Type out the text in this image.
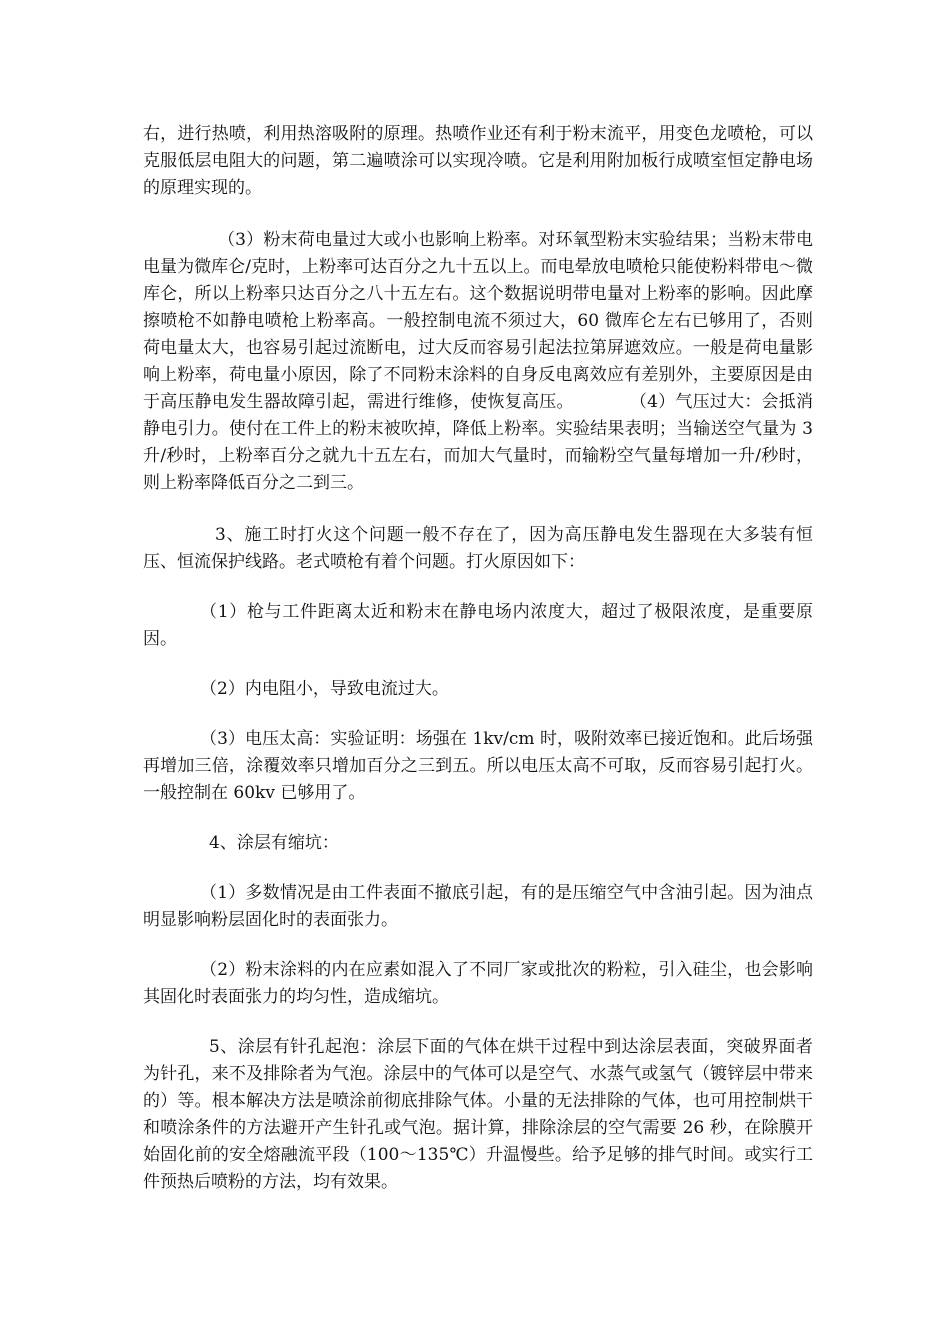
右，进行热喷，利用热溶吸附的原理。热喷作业还有利于粉末流平，用变色龙喷枪，可以克服低层电阻大的问题，第二遍喷涂可以实现冷喷。它是利用附加板行成喷室恒定静电场的原理实现的。

（3）粉末荷电量过大或小也影响上粉率。对环氧型粉末实验结果；当粉末带电电量为微库仑/克时，上粉率可达百分之九十五以上。而电晕放电喷枪只能使粉料带电～微库仑，所以上粉率只达百分之八十五左右。这个数据说明带电量对上粉率的影响。因此摩擦喷枪不如静电喷枪上粉率高。一般控制电流不须过大，60 微库仑左右已够用了，否则荷电量太大，也容易引起过流断电，过大反而容易引起法拉第屏遮效应。一般是荷电量影响上粉率，荷电量小原因，除了不同粉末涂料的自身反电离效应有差别外，主要原因是由于高压静电发生器故障引起，需进行维修，使恢复高压。	（4）气压过大：会抵消静电引力。使付在工件上的粉末被吹掉，降低上粉率。实验结果表明；当输送空气量为 3 升/秒时，上粉率百分之就九十五左右，而加大气量时，而输粉空气量每增加一升/秒时，则上粉率降低百分之二到三。

3、施工时打火这个问题一般不存在了，因为高压静电发生器现在大多装有恒压、恒流保护线路。老式喷枪有着个问题。打火原因如下：

（1）枪与工件距离太近和粉末在静电场内浓度大，超过了极限浓度，是重要原因。

（2）内电阻小，导致电流过大。

（3）电压太高：实验证明：场强在 1kv/cm 时，吸附效率已接近饱和。此后场强再增加三倍，涂覆效率只增加百分之三到五。所以电压太高不可取，反而容易引起打火。一般控制在 60kv 已够用了。

4、涂层有缩坑：

（1）多数情况是由工件表面不撤底引起，有的是压缩空气中含油引起。因为油点明显影响粉层固化时的表面张力。

（2）粉末涂料的内在应素如混入了不同厂家或批次的粉粒，引入硅尘，也会影响其固化时表面张力的均匀性，造成缩坑。

5、涂层有针孔起泡：涂层下面的气体在烘干过程中到达涂层表面，突破界面者为针孔，来不及排除者为气泡。涂层中的气体可以是空气、水蒸气或氢气（镀锌层中带来的）等。根本解决方法是喷涂前彻底排除气体。小量的无法排除的气体，也可用控制烘干和喷涂条件的方法避开产生针孔或气泡。据计算，排除涂层的空气需要 26 秒，在除膜开始固化前的安全熔融流平段（100～135℃）升温慢些。给予足够的排气时间。或实行工件预热后喷粉的方法，均有效果。
